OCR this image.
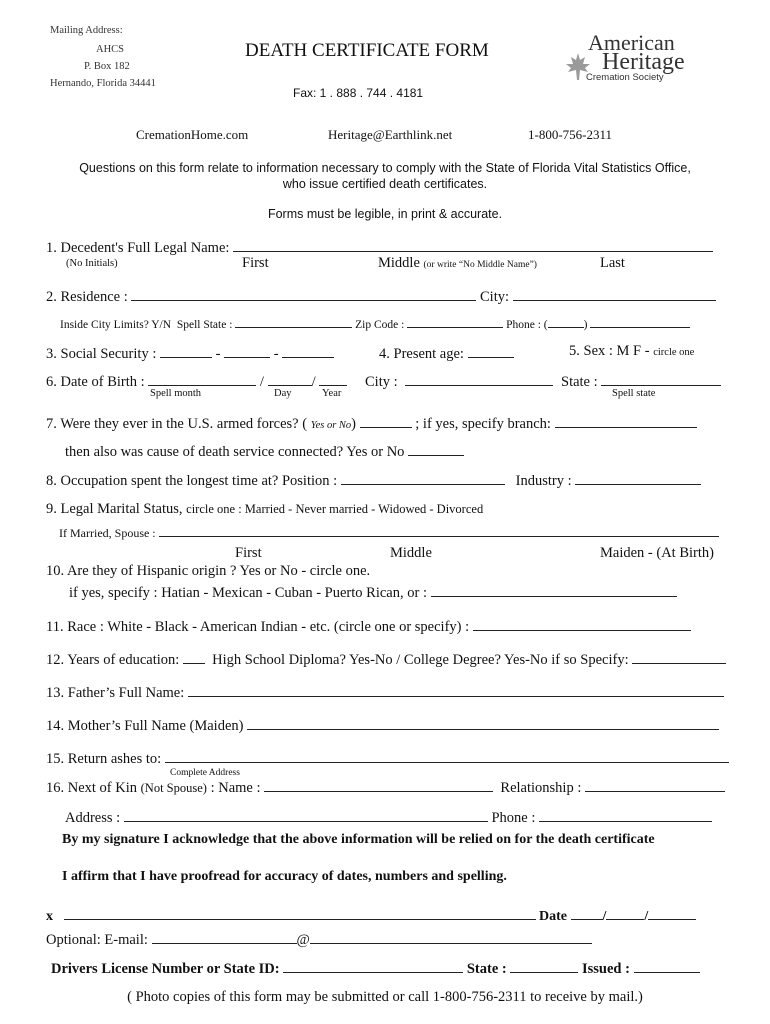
Mailing Address:
AHCS
P. Box 182
Hernando, Florida 34441
DEATH CERTIFICATE FORM
Fax: 1 . 888 . 744 . 4181
American
Heritage
Cremation Society
CremationHome.com	Heritage@Earthlink.net	1-800-756-2311
Questions on this form relate to information necessary to comply with the State of Florida Vital Statistics Office,
who issue certified death certificates.
Forms must be legible, in print & accurate.
1. Decedent's Full Legal Name:
(No Initials)	First	Middle (or write “No Middle Name”)	Last
2. Residence :	City:
Inside City Limits? Y/N Spell State :	Zip Code :	Phone : (	)
3. Social Security :	-	-	4. Present age:	5. Sex : M F - circle one
6. Date of Birth :	/	/	City :	State :
Spell month	Day	Year	Spell state
7. Were they ever in the U.S. armed forces? ( Yes or No)	; if yes, specify branch:
then also was cause of death service connected? Yes or No
8. Occupation spent the longest time at? Position :	Industry :
9. Legal Marital Status, circle one : Married - Never married - Widowed - Divorced
If Married, Spouse :
First	Middle	Maiden - (At Birth)
10. Are they of Hispanic origin ? Yes or No - circle one.
if yes, specify : Hatian - Mexican - Cuban - Puerto Rican, or :
11. Race : White - Black - American Indian - etc. (circle one or specify) :
12. Years of education: High School Diploma? Yes-No / College Degree? Yes-No if so Specify:
13. Father’s Full Name:
14. Mother’s Full Name (Maiden)
15. Return ashes to:
Complete Address
16. Next of Kin (Not Spouse) : Name :	Relationship :
Address :	Phone :
By my signature I acknowledge that the above information will be relied on for the death certificate
I affirm that I have proofread for accuracy of dates, numbers and spelling.
x	Date	/	/
Optional: E-mail:	@
Drivers License Number or State ID:	State :	Issued :
( Photo copies of this form may be submitted or call 1-800-756-2311 to receive by mail.)
